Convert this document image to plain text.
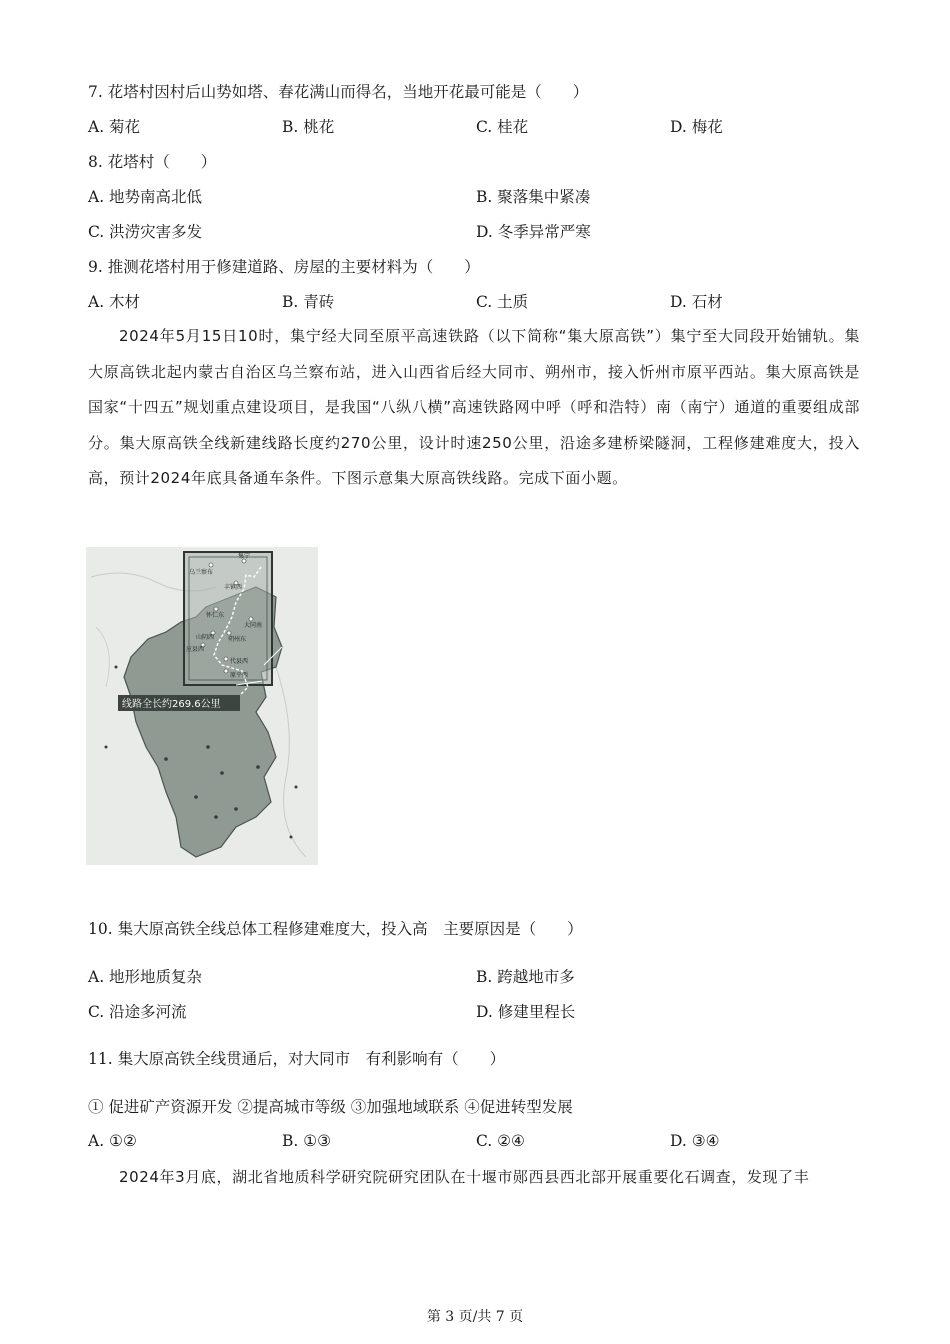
7. 花塔村因村后山势如塔、春花满山而得名，当地开花最可能是（　　）
A. 菊花	B. 桃花	C. 桂花	D. 梅花
8. 花塔村（　　）
A. 地势南高北低	B. 聚落集中紧凑
C. 洪涝灾害多发	D. 冬季异常严寒
9. 推测花塔村用于修建道路、房屋的主要材料为（　　）
A. 木材	B. 青砖	C. 土质	D. 石材
2024年5月15日10时，集宁经大同至原平高速铁路（以下简称“集大原高铁”）集宁至大同段开始铺轨。集大原高铁北起内蒙古自治区乌兰察布站，进入山西省后经大同市、朔州市，接入忻州市原平西站。集大原高铁是国家“十四五”规划重点建设项目，是我国“八纵八横”高速铁路网中呼（呼和浩特）南（南宁）通道的重要组成部分。集大原高铁全线新建线路长度约270公里，设计时速250公里，沿途多建桥梁隧洞，工程修建难度大，投入高，预计2024年底具备通车条件。下图示意集大原高铁线路。完成下面小题。
乌兰察布
集宁
丰镇西
怀仁东
大同南
山阴西
应县西
朔州东
代县西
原平西
线路全长约269.6公里
10. 集大原高铁全线总体工程修建难度大，投入高　主要原因是（　　）
A. 地形地质复杂	B. 跨越地市多
C. 沿途多河流	D. 修建里程长
11. 集大原高铁全线贯通后，对大同市　有利影响有（　　）
① 促进矿产资源开发 ②提高城市等级 ③加强地域联系 ④促进转型发展
A. ①②	B. ①③	C. ②④	D. ③④
2024年3月底，湖北省地质科学研究院研究团队在十堰市郧西县西北部开展重要化石调查，发现了丰
第 3 页/共 7 页
